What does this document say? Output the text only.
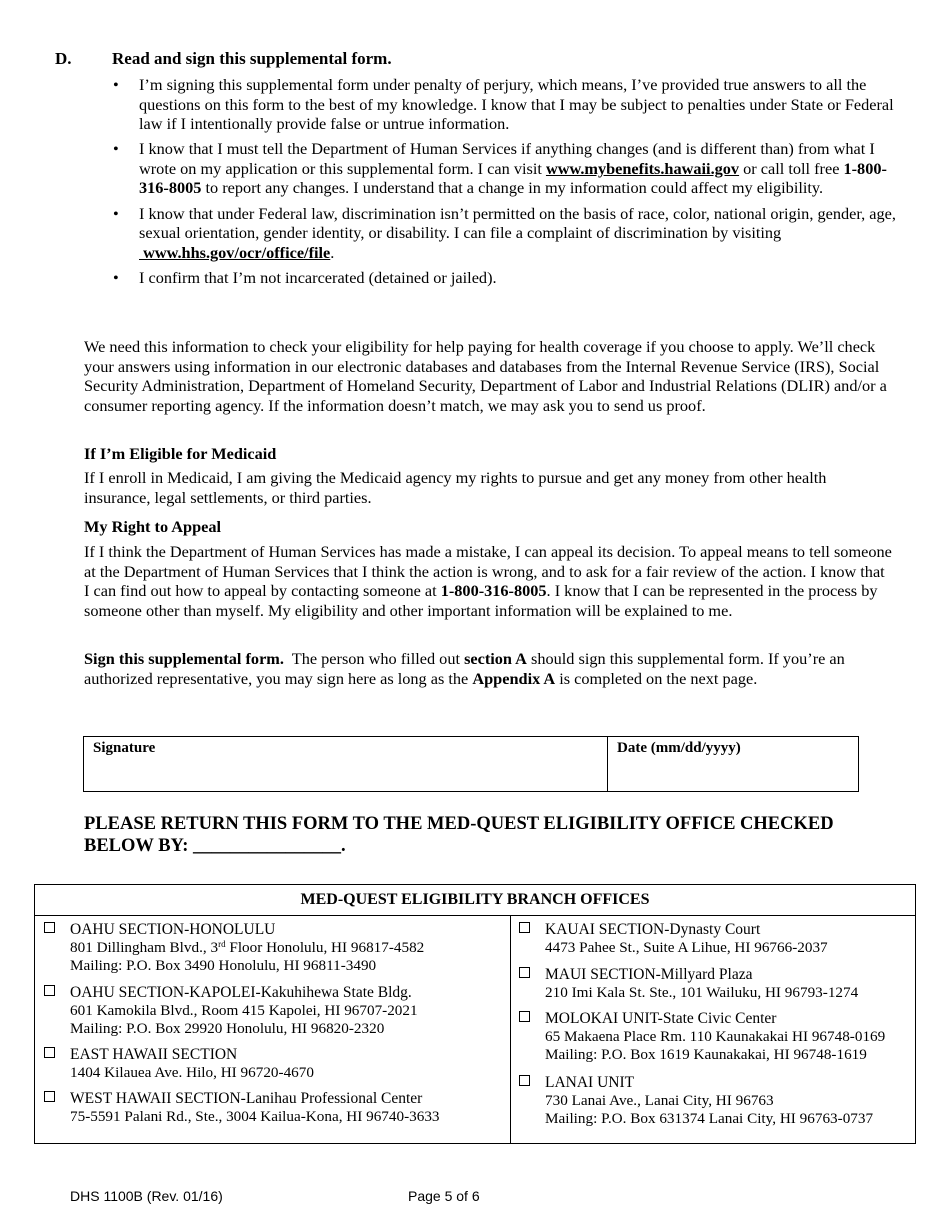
D. Read and sign this supplemental form.
• I’m signing this supplemental form under penalty of perjury, which means, I’ve provided true answers to all the questions on this form to the best of my knowledge. I know that I may be subject to penalties under State or Federal law if I intentionally provide false or untrue information.
• I know that I must tell the Department of Human Services if anything changes (and is different than) from what I wrote on my application or this supplemental form. I can visit www.mybenefits.hawaii.gov or call toll free 1-800-316-8005 to report any changes. I understand that a change in my information could affect my eligibility.
• I know that under Federal law, discrimination isn’t permitted on the basis of race, color, national origin, gender, age, sexual orientation, gender identity, or disability. I can file a complaint of discrimination by visiting  www.hhs.gov/ocr/office/file.
• I confirm that I’m not incarcerated (detained or jailed).
We need this information to check your eligibility for help paying for health coverage if you choose to apply. We’ll check your answers using information in our electronic databases and databases from the Internal Revenue Service (IRS), Social Security Administration, Department of Homeland Security, Department of Labor and Industrial Relations (DLIR) and/or a consumer reporting agency. If the information doesn’t match, we may ask you to send us proof.
If I’m Eligible for Medicaid
If I enroll in Medicaid, I am giving the Medicaid agency my rights to pursue and get any money from other health insurance, legal settlements, or third parties.
My Right to Appeal
If I think the Department of Human Services has made a mistake, I can appeal its decision. To appeal means to tell someone at the Department of Human Services that I think the action is wrong, and to ask for a fair review of the action. I know that I can find out how to appeal by contacting someone at 1-800-316-8005. I know that I can be represented in the process by someone other than myself. My eligibility and other important information will be explained to me.
Sign this supplemental form.  The person who filled out section A should sign this supplemental form. If you’re an authorized representative, you may sign here as long as the Appendix A is completed on the next page.
Signature	Date (mm/dd/yyyy)
PLEASE RETURN THIS FORM TO THE MED-QUEST ELIGIBILITY OFFICE CHECKED
BELOW BY: ________________.
MED-QUEST ELIGIBILITY BRANCH OFFICES
OAHU SECTION-HONOLULU
801 Dillingham Blvd., 3rd Floor Honolulu, HI 96817-4582
Mailing: P.O. Box 3490 Honolulu, HI 96811-3490
OAHU SECTION-KAPOLEI-Kakuhihewa State Bldg.
601 Kamokila Blvd., Room 415 Kapolei, HI 96707-2021
Mailing: P.O. Box 29920 Honolulu, HI 96820-2320
EAST HAWAII SECTION
1404 Kilauea Ave. Hilo, HI 96720-4670
WEST HAWAII SECTION-Lanihau Professional Center
75-5591 Palani Rd., Ste., 3004 Kailua-Kona, HI 96740-3633
KAUAI SECTION-Dynasty Court
4473 Pahee St., Suite A Lihue, HI 96766-2037
MAUI SECTION-Millyard Plaza
210 Imi Kala St. Ste., 101 Wailuku, HI 96793-1274
MOLOKAI UNIT-State Civic Center
65 Makaena Place Rm. 110 Kaunakakai HI 96748-0169
Mailing: P.O. Box 1619 Kaunakakai, HI 96748-1619
LANAI UNIT
730 Lanai Ave., Lanai City, HI 96763
Mailing: P.O. Box 631374 Lanai City, HI 96763-0737
DHS 1100B (Rev. 01/16)	Page 5 of 6
